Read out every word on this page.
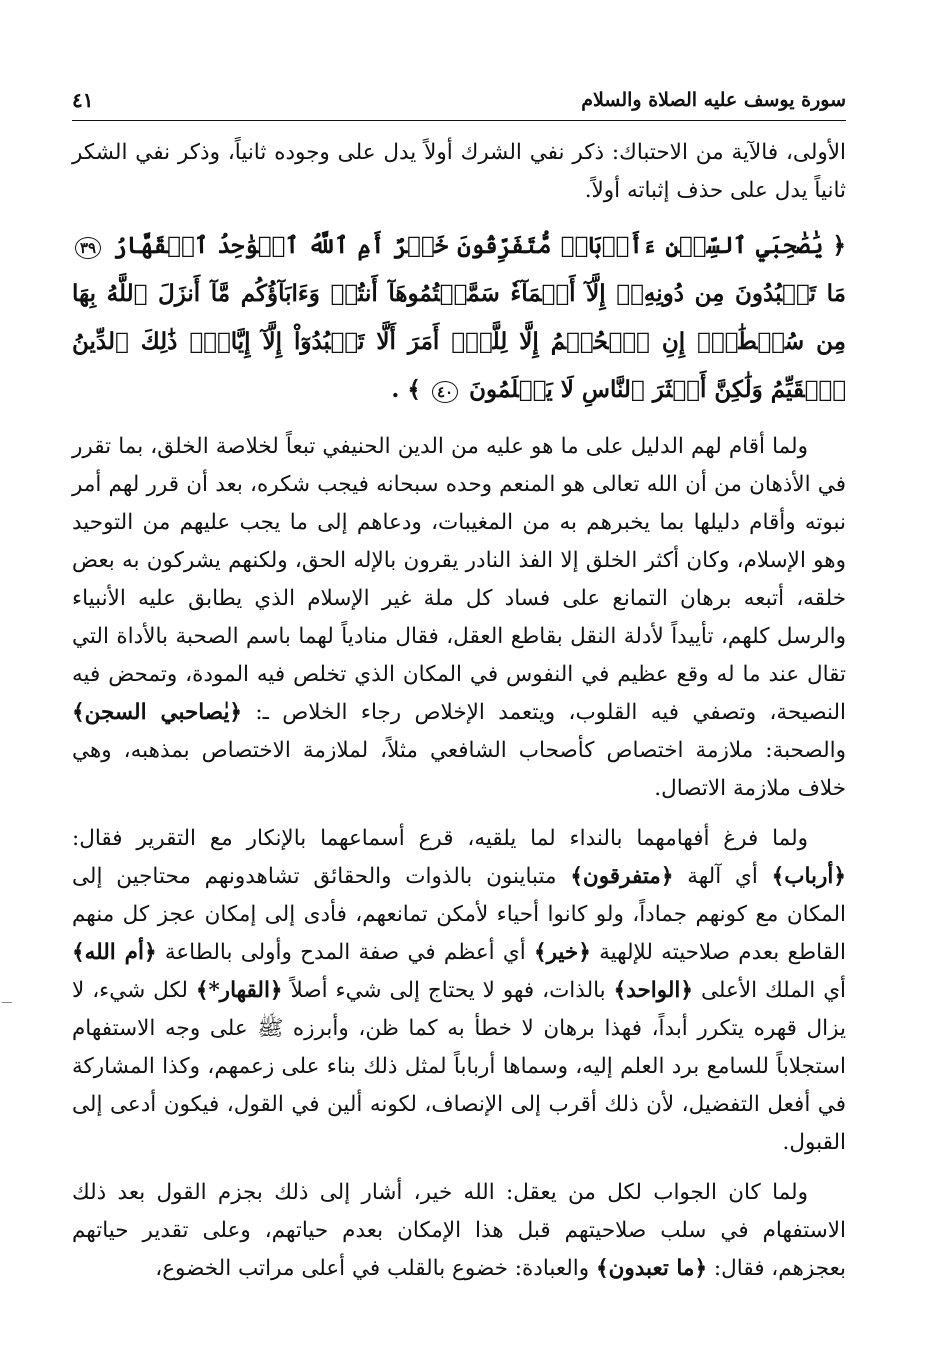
سورة يوسف عليه الصلاة والسلام
٤١

الأولى، فالآية من الاحتباك: ذكر نفي الشرك أولاً يدل على وجوده ثانياً، وذكر نفي الشكر ثانياً يدل على حذف إثباته أولاً.

﴿ يَٰصَٰحِبَيِ ٱلسِّجۡنِ ءَأَرۡبَابٞ مُّتَفَرِّقُونَ خَيۡرٌ أَمِ ٱللَّهُ ٱلۡوَٰحِدُ ٱلۡقَهَّارُ ٣٩ مَا تَعۡبُدُونَ مِن دُونِهِۦٓ إِلَّآ أَسۡمَآءٗ سَمَّيۡتُمُوهَآ أَنتُمۡ وَءَابَآؤُكُم مَّآ أَنزَلَ ٱللَّهُ بِهَا مِن سُلۡطَٰنٍۚ إِنِ ٱلۡحُكۡمُ إِلَّا لِلَّهِۚ أَمَرَ أَلَّا تَعۡبُدُوٓاْ إِلَّآ إِيَّاهُۚ ذَٰلِكَ ٱلدِّينُ ٱلۡقَيِّمُ وَلَٰكِنَّ أَكۡثَرَ ٱلنَّاسِ لَا يَعۡلَمُونَ ٤٠ ﴾ .

ولما أقام لهم الدليل على ما هو عليه من الدين الحنيفي تبعاً لخلاصة الخلق، بما تقرر في الأذهان من أن الله تعالى هو المنعم وحده سبحانه فيجب شكره، بعد أن قرر لهم أمر نبوته وأقام دليلها بما يخبرهم به من المغيبات، ودعاهم إلى ما يجب عليهم من التوحيد وهو الإسلام، وكان أكثر الخلق إلا الفذ النادر يقرون بالإله الحق، ولكنهم يشركون به بعض خلقه، أتبعه برهان التمانع على فساد كل ملة غير الإسلام الذي يطابق عليه الأنبياء والرسل كلهم، تأييداً لأدلة النقل بقاطع العقل، فقال منادياً لهما باسم الصحبة بالأداة التي تقال عند ما له وقع عظيم في النفوس في المكان الذي تخلص فيه المودة، وتمحض فيه النصيحة، وتصفي فيه القلوب، ويتعمد الإخلاص رجاء الخلاص ـ: ﴿يٰصاحبي السجن﴾ والصحبة: ملازمة اختصاص كأصحاب الشافعي مثلاً، لملازمة الاختصاص بمذهبه، وهي خلاف ملازمة الاتصال.

ولما فرغ أفهامهما بالنداء لما يلقيه، قرع أسماعهما بالإنكار مع التقرير فقال: ﴿أرباب﴾ أي آلهة ﴿متفرقون﴾ متباينون بالذوات والحقائق تشاهدونهم محتاجين إلى المكان مع كونهم جماداً، ولو كانوا أحياء لأمكن تمانعهم، فأدى إلى إمكان عجز كل منهم القاطع بعدم صلاحيته للإلهية ﴿خير﴾ أي أعظم في صفة المدح وأولى بالطاعة ﴿أم الله﴾ أي الملك الأعلى ﴿الواحد﴾ بالذات، فهو لا يحتاج إلى شيء أصلاً ﴿القهار*﴾ لكل شيء، لا يزال قهره يتكرر أبداً، فهذا برهان لا خطأ به كما ظن، وأبرزه ﷺ على وجه الاستفهام استجلاباً للسامع برد العلم إليه، وسماها أرباباً لمثل ذلك بناء على زعمهم، وكذا المشاركة في أفعل التفضيل، لأن ذلك أقرب إلى الإنصاف، لكونه ألين في القول، فيكون أدعى إلى القبول.

ولما كان الجواب لكل من يعقل: الله خير، أشار إلى ذلك بجزم القول بعد ذلك الاستفهام في سلب صلاحيتهم قبل هذا الإمكان بعدم حياتهم، وعلى تقدير حياتهم بعجزهم، فقال: ﴿ما تعبدون﴾ والعبادة: خضوع بالقلب في أعلى مراتب الخضوع،
